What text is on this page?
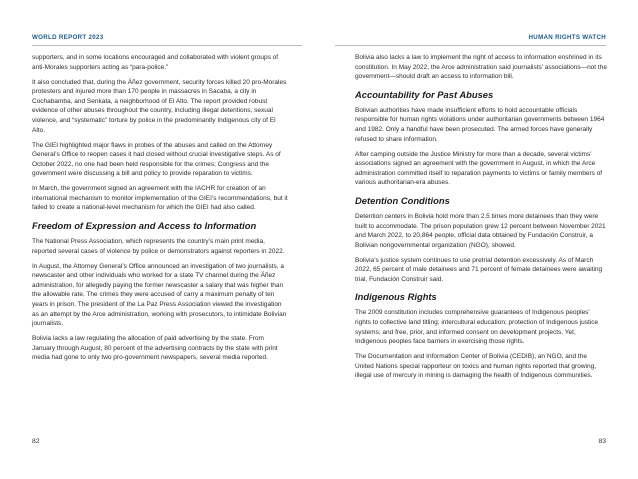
WORLD REPORT 2023

supporters, and in some locations encouraged and collaborated with violent groups of anti-Morales supporters acting as “para-police.”

It also concluded that, during the Áñez government, security forces killed 20 pro-Morales protesters and injured more than 170 people in massacres in Sacaba, a city in Cochabamba, and Senkata, a neighborhood of El Alto. The report provided robust evidence of other abuses throughout the country, including illegal detentions, sexual violence, and “systematic” torture by police in the predominantly Indigenous city of El Alto.

The GIEI highlighted major flaws in probes of the abuses and called on the Attorney General’s Office to reopen cases it had closed without crucial investigative steps. As of October 2022, no one had been held responsible for the crimes; Congress and the government were discussing a bill and policy to provide reparation to victims.

In March, the government signed an agreement with the IACHR for creation of an international mechanism to monitor implementation of the GIEI’s recommendations, but it failed to create a national-level mechanism for which the GIEI had also called.

Freedom of Expression and Access to Information

The National Press Association, which represents the country’s main print media, reported several cases of violence by police or demonstrators against reporters in 2022.

In August, the Attorney General’s Office announced an investigation of two journalists, a newscaster and other individuals who worked for a state TV channel during the Áñez administration, for allegedly paying the former newscaster a salary that was higher than the allowable rate. The crimes they were accused of carry a maximum penalty of ten years in prison. The president of the La Paz Press Association viewed the investigation as an attempt by the Arce administration, working with prosecutors, to intimidate Bolivian journalists.

Bolivia lacks a law regulating the allocation of paid advertising by the state. From January through August, 80 percent of the advertising contracts by the state with print media had gone to only two pro-government newspapers, several media reported.

82
HUMAN RIGHTS WATCH

Bolivia also lacks a law to implement the right of access to information enshrined in its constitution. In May 2022, the Arce administration said journalists’ associations—not the government—should draft an access to information bill.

Accountability for Past Abuses

Bolivian authorities have made insufficient efforts to hold accountable officials responsible for human rights violations under authoritarian governments between 1964 and 1982. Only a handful have been prosecuted. The armed forces have generally refused to share information.

After camping outside the Justice Ministry for more than a decade, several victims’ associations signed an agreement with the government in August, in which the Arce administration committed itself to reparation payments to victims or family members of various authoritarian-era abuses.

Detention Conditions

Detention centers in Bolivia hold more than 2.5 times more detainees than they were built to accommodate. The prison population grew 12 percent between November 2021 and March 2022, to 20,864 people, official data obtained by Fundación Construir, a Bolivian nongovernmental organization (NGO), showed.

Bolivia’s justice system continues to use pretrial detention excessively. As of March 2022, 65 percent of male detainees and 71 percent of female detainees were awaiting trial, Fundación Construir said.

Indigenous Rights

The 2009 constitution includes comprehensive guarantees of Indigenous peoples’ rights to collective land titling; intercultural education; protection of Indigenous justice systems; and free, prior, and informed consent on development projects. Yet, Indigenous peoples face barriers in exercising those rights.

The Documentation and Information Center of Bolivia (CEDIB), an NGO, and the United Nations special rapporteur on toxics and human rights reported that growing, illegal use of mercury in mining is damaging the health of Indigenous communities.

83
